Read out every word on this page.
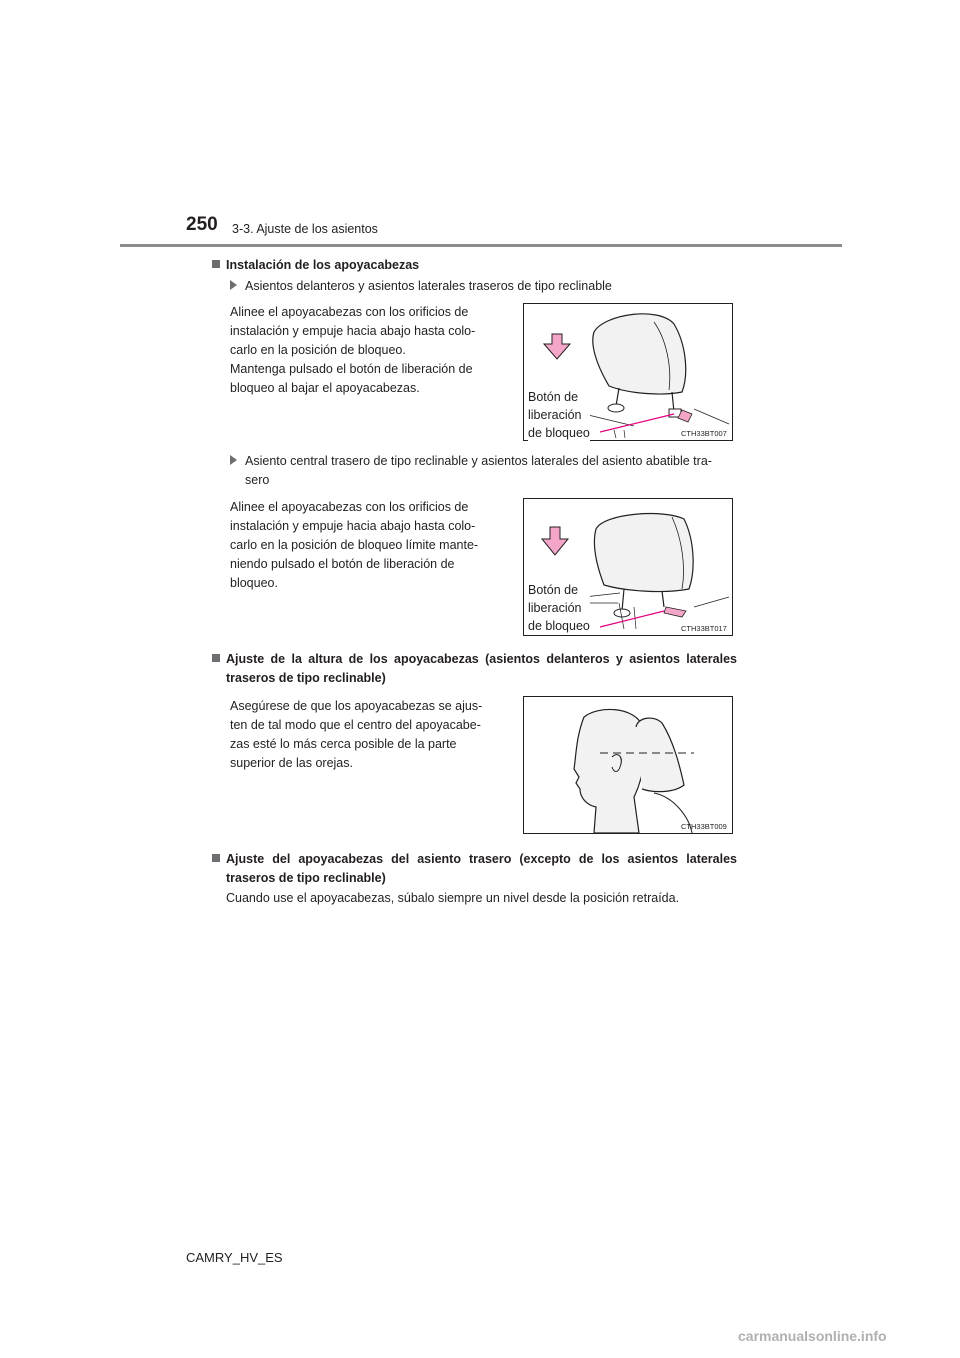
250 3-3. Ajuste de los asientos
Instalación de los apoyacabezas
Asientos delanteros y asientos laterales traseros de tipo reclinable
Alinee el apoyacabezas con los orificios de
instalación y empuje hacia abajo hasta colo-
carlo en la posición de bloqueo.
Mantenga pulsado el botón de liberación de
bloqueo al bajar el apoyacabezas.
Botón de
liberación
de bloqueo	CTH33BT007
Asiento central trasero de tipo reclinable y asientos laterales del asiento abatible tra-
sero
Alinee el apoyacabezas con los orificios de
instalación y empuje hacia abajo hasta colo-
carlo en la posición de bloqueo límite mante-
niendo pulsado el botón de liberación de
bloqueo.	Botón de
liberación
de bloqueo	CTH33BT017
Ajuste de la altura de los apoyacabezas (asientos delanteros y asientos laterales
traseros de tipo reclinable)
Asegúrese de que los apoyacabezas se ajus-
ten de tal modo que el centro del apoyacabe-
zas esté lo más cerca posible de la parte
superior de las orejas.
CTH33BT009
Ajuste del apoyacabezas del asiento trasero (excepto de los asientos laterales
traseros de tipo reclinable)
Cuando use el apoyacabezas, súbalo siempre un nivel desde la posición retraída.
CAMRY_HV_ES
carmanualsonline.info
